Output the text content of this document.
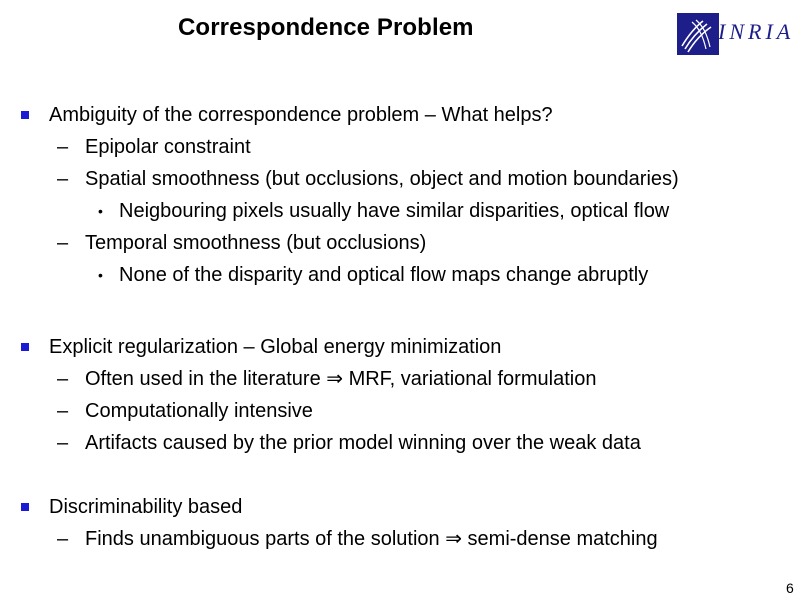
Correspondence Problem	INRIA
Ambiguity of the correspondence problem – What helps?
– Epipolar constraint
– Spatial smoothness (but occlusions, object and motion boundaries)
• Neigbouring pixels usually have similar disparities, optical flow
– Temporal smoothness (but occlusions)
• None of the disparity and optical flow maps change abruptly
Explicit regularization – Global energy minimization
– Often used in the literature ⇒ MRF, variational formulation
– Computationally intensive
– Artifacts caused by the prior model winning over the weak data
Discriminability based
– Finds unambiguous parts of the solution ⇒ semi-dense matching
6
